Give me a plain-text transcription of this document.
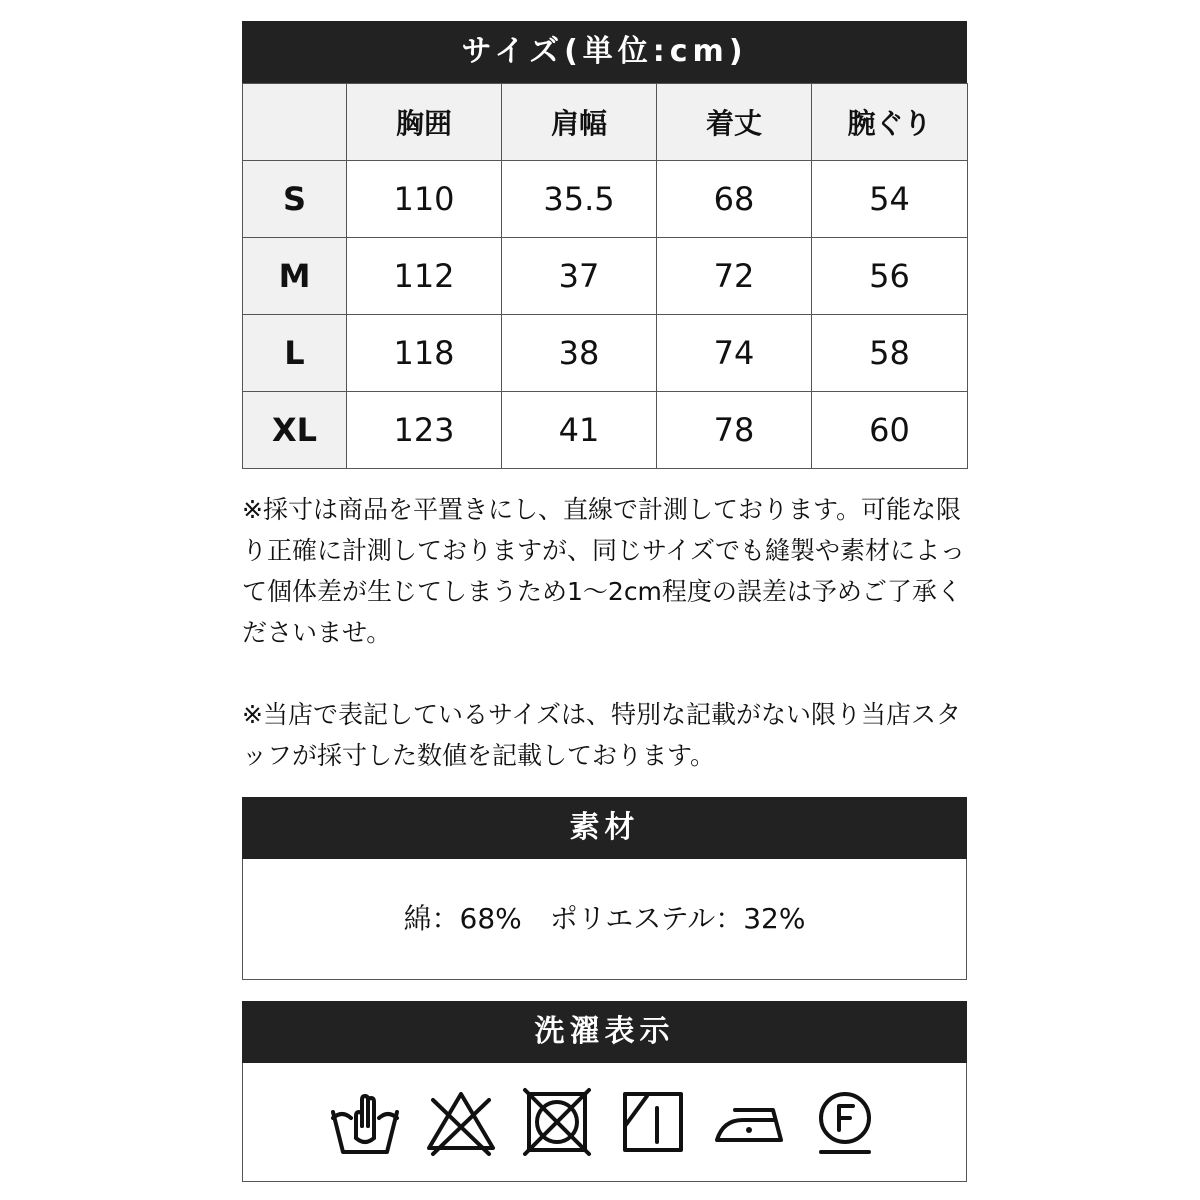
サイズ(単位:cm)
	胸囲	肩幅	着丈	腕ぐり
S	110	35.5	68	54
M	112	37	72	56
L	118	38	74	58
XL	123	41	78	60

※採寸は商品を平置きにし、直線で計測しております。可能な限り正確に計測しておりますが、同じサイズでも縫製や素材によって個体差が生じてしまうため1～2cm程度の誤差は予めご了承くださいませ。

※当店で表記しているサイズは、特別な記載がない限り当店スタッフが採寸した数値を記載しております。

素材
綿：68%　ポリエステル：32%
洗濯表示
